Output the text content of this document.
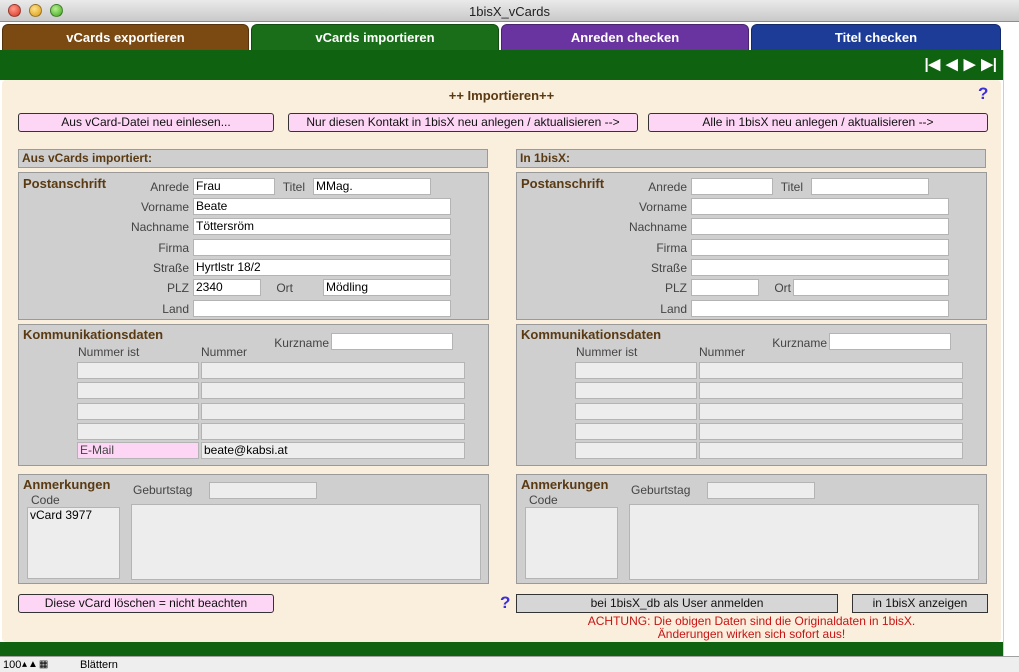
1bisX_vCards
vCards exportieren	vCards importieren	Anreden checken	Titel checken
|◀ ◀ ▶ ▶|
++ Importieren++	?
Aus vCard-Datei neu einlesen...	Nur diesen Kontakt in 1bisX neu anlegen / aktualisieren -->	Alle in 1bisX neu anlegen / aktualisieren -->
Aus vCards importiert:
Postanschrift	Anrede Frau	Titel MMag.
Vorname Beate
Nachname Töttersröm
Firma
Straße Hyrtlstr 18/2
PLZ 2340	Ort	Mödling
Land
Kommunikationsdaten
Kurzname
Nummer ist	Nummer
E-Mail	beate@kabsi.at
Anmerkungen
Code
Geburtstag
vCard 3977
Diese vCard löschen = nicht beachten
In 1bisX:
Postanschrift	Anrede	Titel
Vorname
Nachname
Firma
Straße
PLZ	Ort
Land
Kommunikationsdaten
Kurzname
Nummer ist	Nummer
Anmerkungen
Code
Geburtstag
?	bei 1bisX_db als User anmelden	in 1bisX anzeigen
ACHTUNG: Die obigen Daten sind die Originaldaten in 1bisX.
Änderungen wirken sich sofort aus!
100 ▴▲▦	Blättern
